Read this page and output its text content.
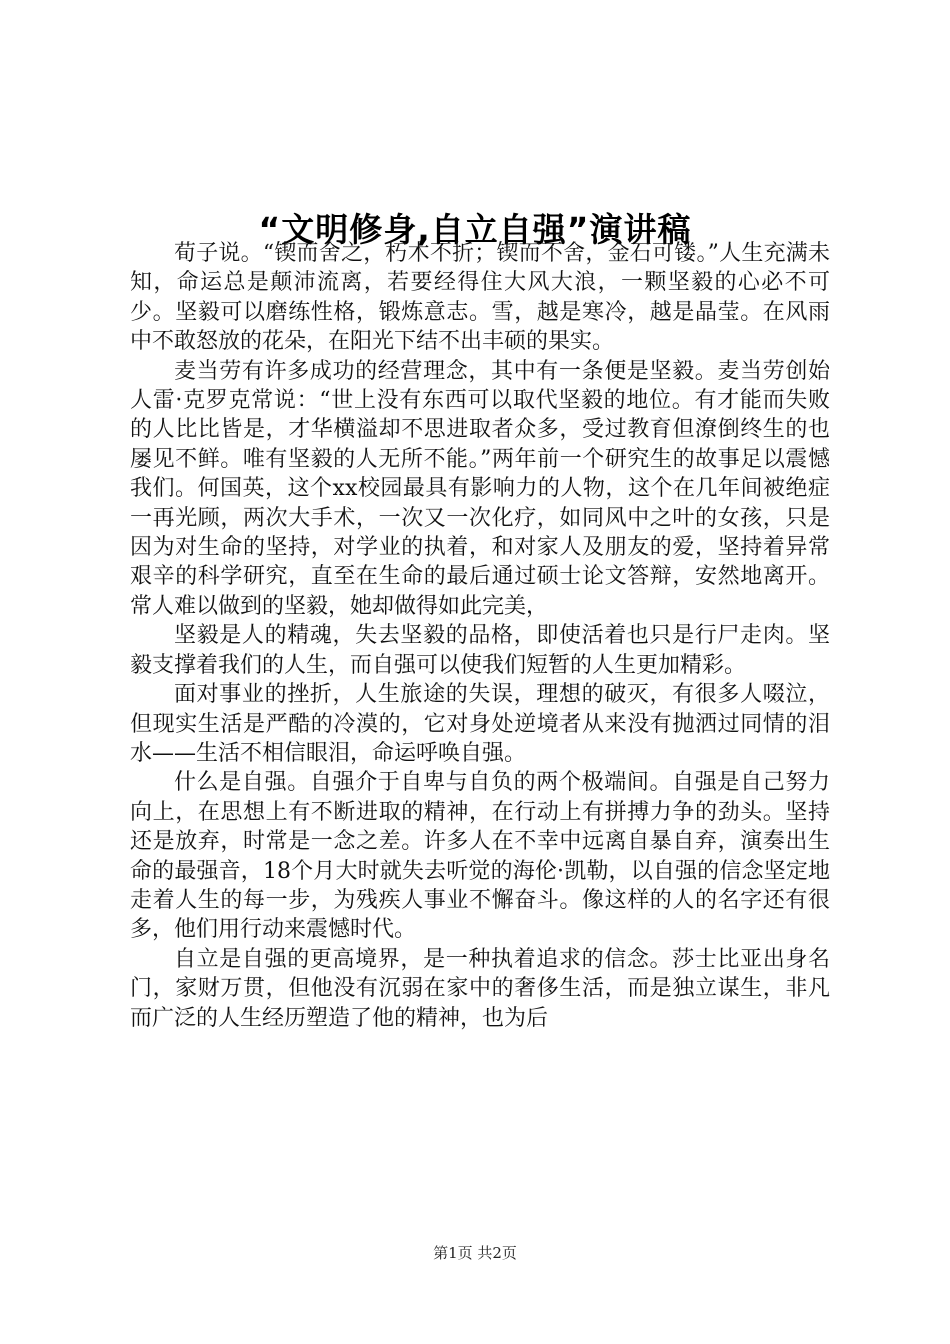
“文明修身,自立自强”演讲稿

荀子说。“锲而舍之，朽木不折；锲而不舍，金石可镂。”人生充满未知，命运总是颠沛流离，若要经得住大风大浪，一颗坚毅的心必不可少。坚毅可以磨练性格，锻炼意志。雪，越是寒冷，越是晶莹。在风雨中不敢怒放的花朵，在阳光下结不出丰硕的果实。

麦当劳有许多成功的经营理念，其中有一条便是坚毅。麦当劳创始人雷·克罗克常说：“世上没有东西可以取代坚毅的地位。有才能而失败的人比比皆是，才华横溢却不思进取者众多，受过教育但潦倒终生的也屡见不鲜。唯有坚毅的人无所不能。”两年前一个研究生的故事足以震憾我们。何国英，这个xx校园最具有影响力的人物，这个在几年间被绝症一再光顾，两次大手术，一次又一次化疗，如同风中之叶的女孩，只是因为对生命的坚持，对学业的执着，和对家人及朋友的爱，坚持着异常艰辛的科学研究，直至在生命的最后通过硕士论文答辩，安然地离开。常人难以做到的坚毅，她却做得如此完美，

坚毅是人的精魂，失去坚毅的品格，即使活着也只是行尸走肉。坚毅支撑着我们的人生，而自强可以使我们短暂的人生更加精彩。

面对事业的挫折，人生旅途的失误，理想的破灭，有很多人啜泣，但现实生活是严酷的冷漠的，它对身处逆境者从来没有抛洒过同情的泪水——生活不相信眼泪，命运呼唤自强。

什么是自强。自强介于自卑与自负的两个极端间。自强是自己努力向上，在思想上有不断进取的精神，在行动上有拼搏力争的劲头。坚持还是放弃，时常是一念之差。许多人在不幸中远离自暴自弃，演奏出生命的最强音，18个月大时就失去听觉的海伦·凯勒，以自强的信念坚定地走着人生的每一步，为残疾人事业不懈奋斗。像这样的人的名字还有很多，他们用行动来震憾时代。

自立是自强的更高境界，是一种执着追求的信念。莎士比亚出身名门，家财万贯，但他没有沉弱在家中的奢侈生活，而是独立谋生，非凡而广泛的人生经历塑造了他的精神，也为后

第1页 共2页
